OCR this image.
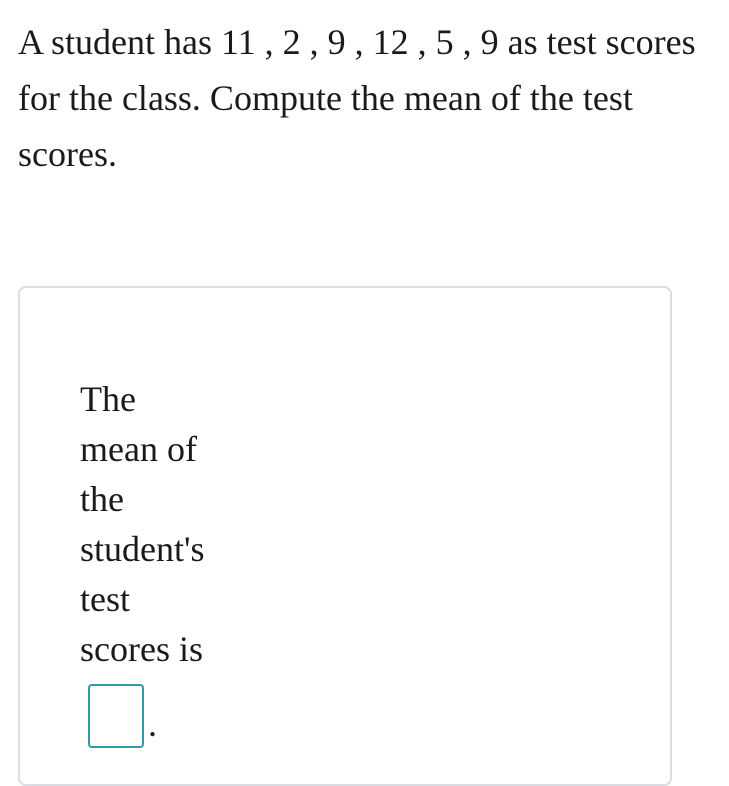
A student has 11 , 2 , 9 , 12 , 5 , 9 as test scores for the class. Compute the mean of the test scores.

The
mean of
the
student's
test
scores is

.
